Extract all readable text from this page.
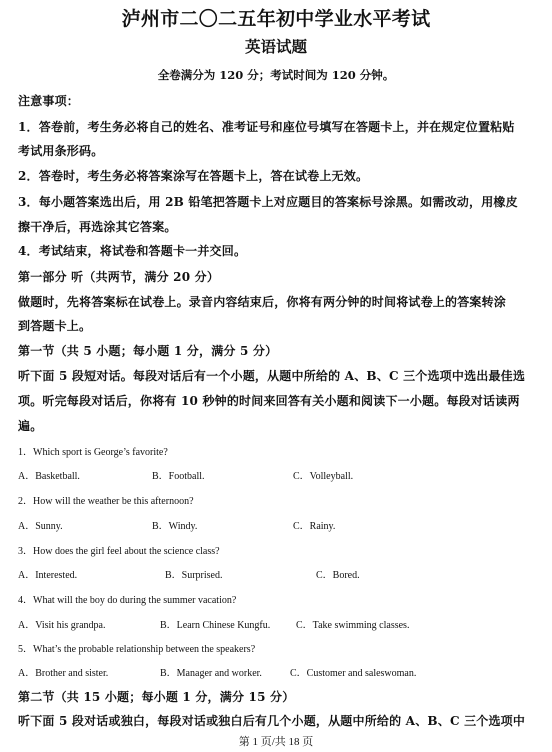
泸州市二〇二五年初中学业水平考试
英语试题
全卷满分为 120 分；考试时间为 120 分钟。
注意事项：
1．答卷前，考生务必将自己的姓名、准考证号和座位号填写在答题卡上，并在规定位置粘贴
考试用条形码。
2．答卷时，考生务必将答案涂写在答题卡上，答在试卷上无效。
3．每小题答案选出后，用 2B 铅笔把答题卡上对应题目的答案标号涂黑。如需改动，用橡皮
擦干净后，再选涂其它答案。
4．考试结束，将试卷和答题卡一并交回。
第一部分 听（共两节，满分 20 分）
做题时，先将答案标在试卷上。录音内容结束后，你将有两分钟的时间将试卷上的答案转涂
到答题卡上。
第一节（共 5 小题；每小题 1 分，满分 5 分）
听下面 5 段短对话。每段对话后有一个小题，从题中所给的 A、B、C 三个选项中选出最佳选
项。听完每段对话后，你将有 10 秒钟的时间来回答有关小题和阅读下一小题。每段对话读两
遍。
1．Which sport is George’s favorite?
A．Basketball.	B．Football.	C．Volleyball.
2．How will the weather be this afternoon?
A．Sunny.	B．Windy.	C．Rainy.
3．How does the girl feel about the science class?
A．Interested.	B．Surprised.	C．Bored.
4．What will the boy do during the summer vacation?
A．Visit his grandpa.	B．Learn Chinese Kungfu.	C．Take swimming classes.
5．What’s the probable relationship between the speakers?
A．Brother and sister.	B．Manager and worker.	C．Customer and saleswoman.
第二节（共 15 小题；每小题 1 分，满分 15 分）
听下面 5 段对话或独白，每段对话或独白后有几个小题，从题中所给的 A、B、C 三个选项中
第 1 页/共 18 页
